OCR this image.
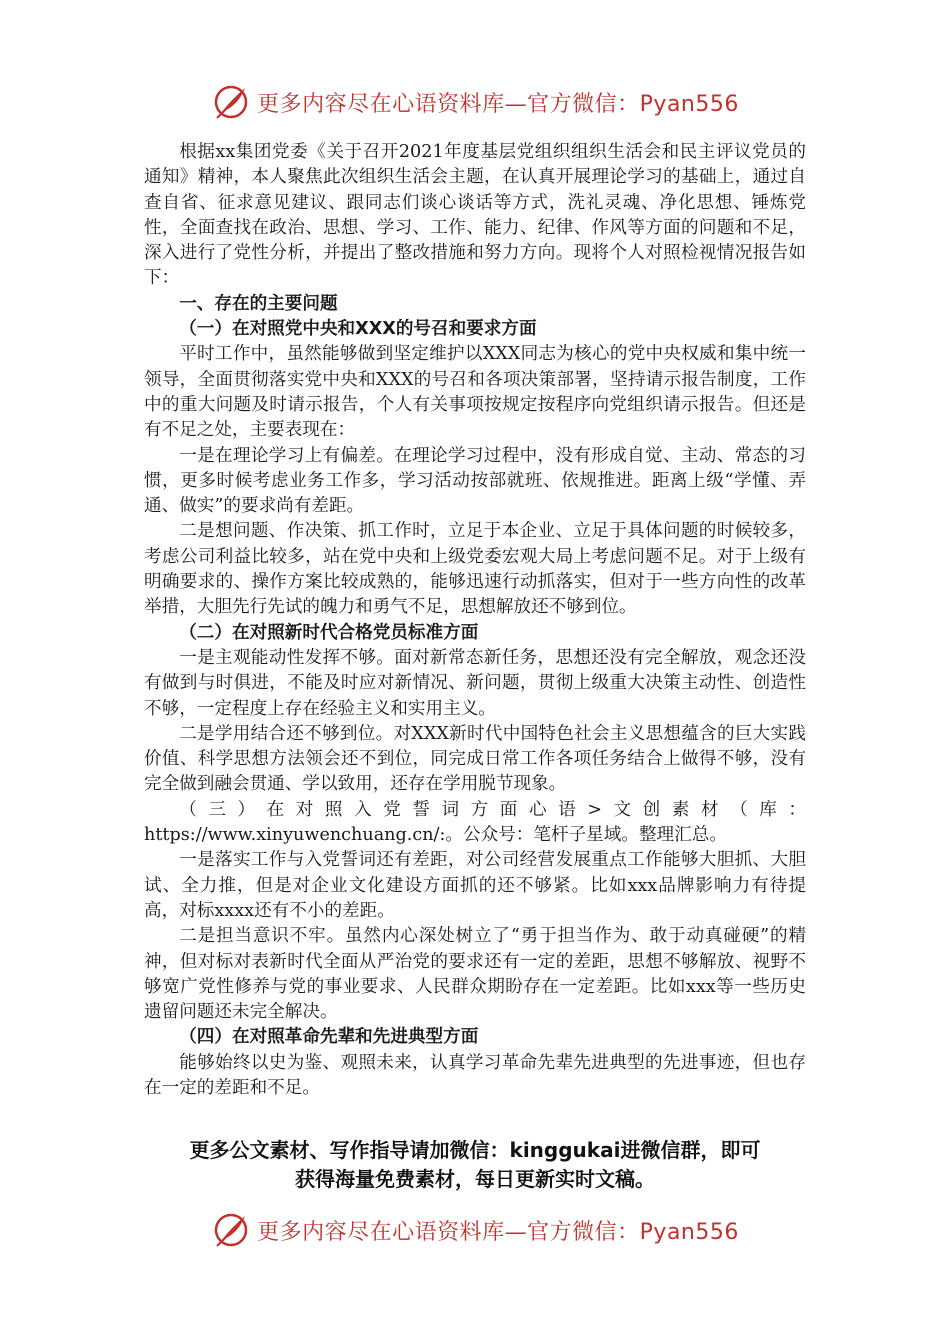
更多内容尽在心语资料库—官方微信：Pyan556

根据xx集团党委《关于召开2021年度基层党组织组织生活会和民主评议党员的通知》精神，本人聚焦此次组织生活会主题，在认真开展理论学习的基础上，通过自查自省、征求意见建议、跟同志们谈心谈话等方式，洗礼灵魂、净化思想、锤炼党性，全面查找在政治、思想、学习、工作、能力、纪律、作风等方面的问题和不足，深入进行了党性分析，并提出了整改措施和努力方向。现将个人对照检视情况报告如下：

一、存在的主要问题

（一）在对照党中央和XXX的号召和要求方面

平时工作中，虽然能够做到坚定维护以XXX同志为核心的党中央权威和集中统一领导，全面贯彻落实党中央和XXX的号召和各项决策部署，坚持请示报告制度，工作中的重大问题及时请示报告，个人有关事项按规定按程序向党组织请示报告。但还是有不足之处，主要表现在：

一是在理论学习上有偏差。在理论学习过程中，没有形成自觉、主动、常态的习惯，更多时候考虑业务工作多，学习活动按部就班、依规推进。距离上级“学懂、弄通、做实”的要求尚有差距。

二是想问题、作决策、抓工作时，立足于本企业、立足于具体问题的时候较多，考虑公司利益比较多，站在党中央和上级党委宏观大局上考虑问题不足。对于上级有明确要求的、操作方案比较成熟的，能够迅速行动抓落实，但对于一些方向性的改革举措，大胆先行先试的魄力和勇气不足，思想解放还不够到位。

（二）在对照新时代合格党员标准方面

一是主观能动性发挥不够。面对新常态新任务，思想还没有完全解放，观念还没有做到与时俱进，不能及时应对新情况、新问题，贯彻上级重大决策主动性、创造性不够，一定程度上存在经验主义和实用主义。

二是学用结合还不够到位。对XXX新时代中国特色社会主义思想蕴含的巨大实践价值、科学思想方法领会还不到位，同完成日常工作各项任务结合上做得不够，没有完全做到融会贯通、学以致用，还存在学用脱节现象。

（三）在对照入党誓词方面心语>文创素材（库：https://www.xinyuwenchuang.cn/:。公众号：笔杆子星域。整理汇总。

一是落实工作与入党誓词还有差距，对公司经营发展重点工作能够大胆抓、大胆试、全力推，但是对企业文化建设方面抓的还不够紧。比如xxx品牌影响力有待提高，对标xxxx还有不小的差距。

二是担当意识不牢。虽然内心深处树立了“勇于担当作为、敢于动真碰硬”的精神，但对标对表新时代全面从严治党的要求还有一定的差距，思想不够解放、视野不够宽广党性修养与党的事业要求、人民群众期盼存在一定差距。比如xxx等一些历史遗留问题还未完全解决。

（四）在对照革命先辈和先进典型方面

能够始终以史为鉴、观照未来，认真学习革命先辈先进典型的先进事迹，但也存在一定的差距和不足。

更多公文素材、写作指导请加微信：kinggukai进微信群，即可
获得海量免费素材，每日更新实时文稿。
更多内容尽在心语资料库—官方微信：Pyan556
